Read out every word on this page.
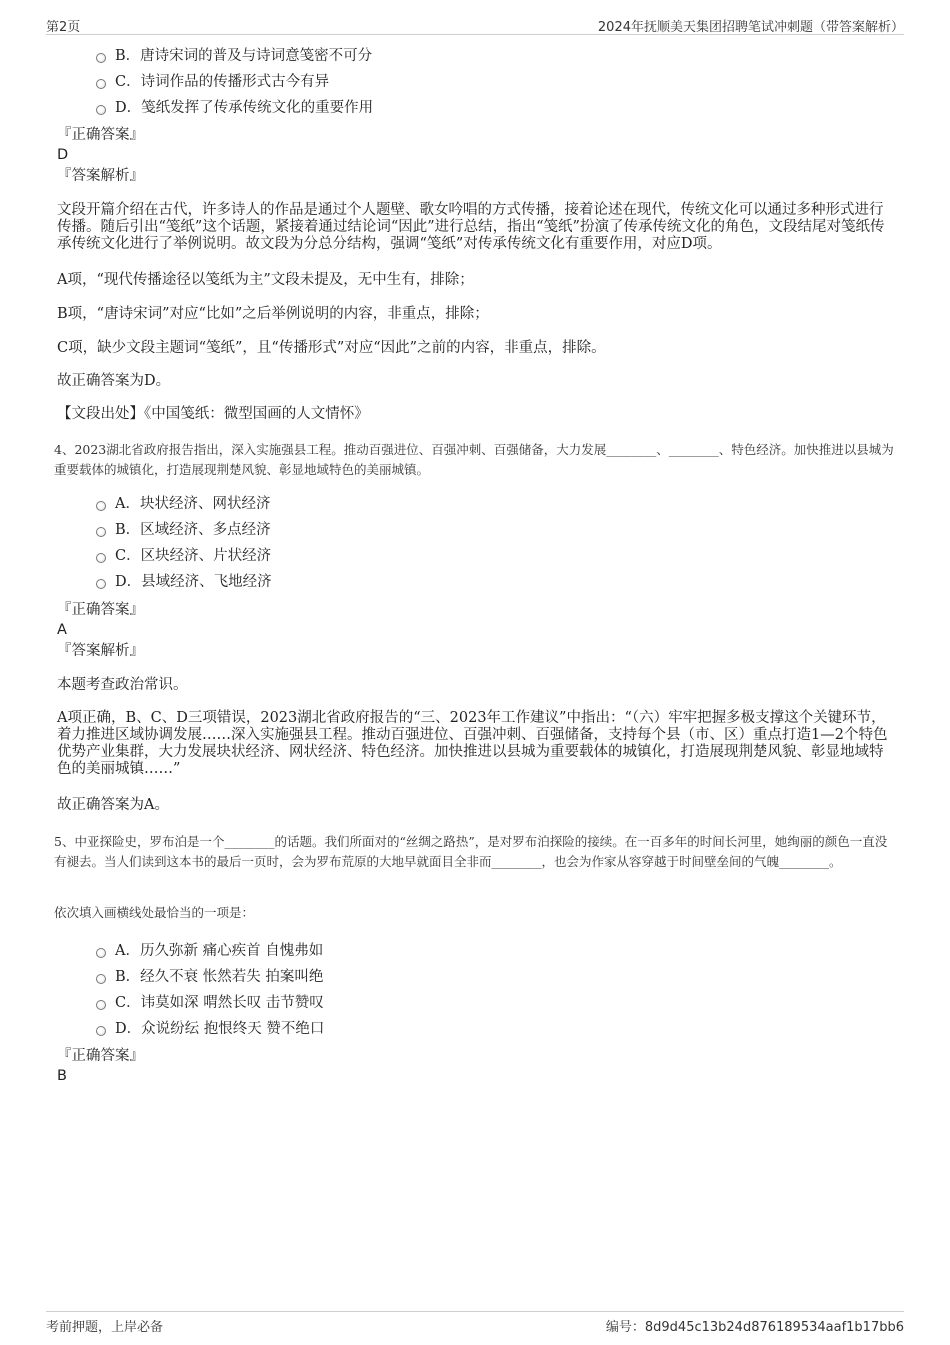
第2页	2024年抚顺美天集团招聘笔试冲刺题（带答案解析）
B．唐诗宋词的普及与诗词意笺密不可分
C．诗词作品的传播形式古今有异
D．笺纸发挥了传承传统文化的重要作用
『正确答案』
D
『答案解析』
文段开篇介绍在古代，许多诗人的作品是通过个人题壁、歌女吟唱的方式传播，接着论述在现代，传统文化可以通过多种形式进行传播。随后引出“笺纸”这个话题，紧接着通过结论词“因此”进行总结，指出“笺纸”扮演了传承传统文化的角色，文段结尾对笺纸传承传统文化进行了举例说明。故文段为分总分结构，强调“笺纸”对传承传统文化有重要作用，对应D项。
A项，“现代传播途径以笺纸为主”文段未提及，无中生有，排除；
B项，“唐诗宋词”对应“比如”之后举例说明的内容，非重点，排除；
C项，缺少文段主题词“笺纸”，且“传播形式”对应“因此”之前的内容，非重点，排除。
故正确答案为D。
【文段出处】《中国笺纸：微型国画的人文情怀》
4、2023湖北省政府报告指出，深入实施强县工程。推动百强进位、百强冲刺、百强储备，大力发展________、________、特色经济。加快推进以县城为重要载体的城镇化，打造展现荆楚风貌、彰显地域特色的美丽城镇。
A．块状经济、网状经济
B．区域经济、多点经济
C．区块经济、片状经济
D．县域经济、飞地经济
『正确答案』
A
『答案解析』
本题考查政治常识。
A项正确，B、C、D三项错误，2023湖北省政府报告的“三、2023年工作建议”中指出：“（六）牢牢把握多极支撑这个关键环节，着力推进区域协调发展……深入实施强县工程。推动百强进位、百强冲刺、百强储备，支持每个县（市、区）重点打造1—2个特色优势产业集群，大力发展块状经济、网状经济、特色经济。加快推进以县城为重要载体的城镇化，打造展现荆楚风貌、彰显地域特色的美丽城镇……”
故正确答案为A。
5、中亚探险史，罗布泊是一个________的话题。我们所面对的“丝绸之路热”，是对罗布泊探险的接续。在一百多年的时间长河里，她绚丽的颜色一直没有褪去。当人们读到这本书的最后一页时，会为罗布荒原的大地早就面目全非而________，也会为作家从容穿越于时间壁垒间的气魄________。
依次填入画横线处最恰当的一项是：
A．历久弥新 痛心疾首 自愧弗如
B．经久不衰 怅然若失 拍案叫绝
C．讳莫如深 喟然长叹 击节赞叹
D．众说纷纭 抱恨终天 赞不绝口
『正确答案』
B
考前押题，上岸必备	编号：8d9d45c13b24d876189534aaf1b17bb6
